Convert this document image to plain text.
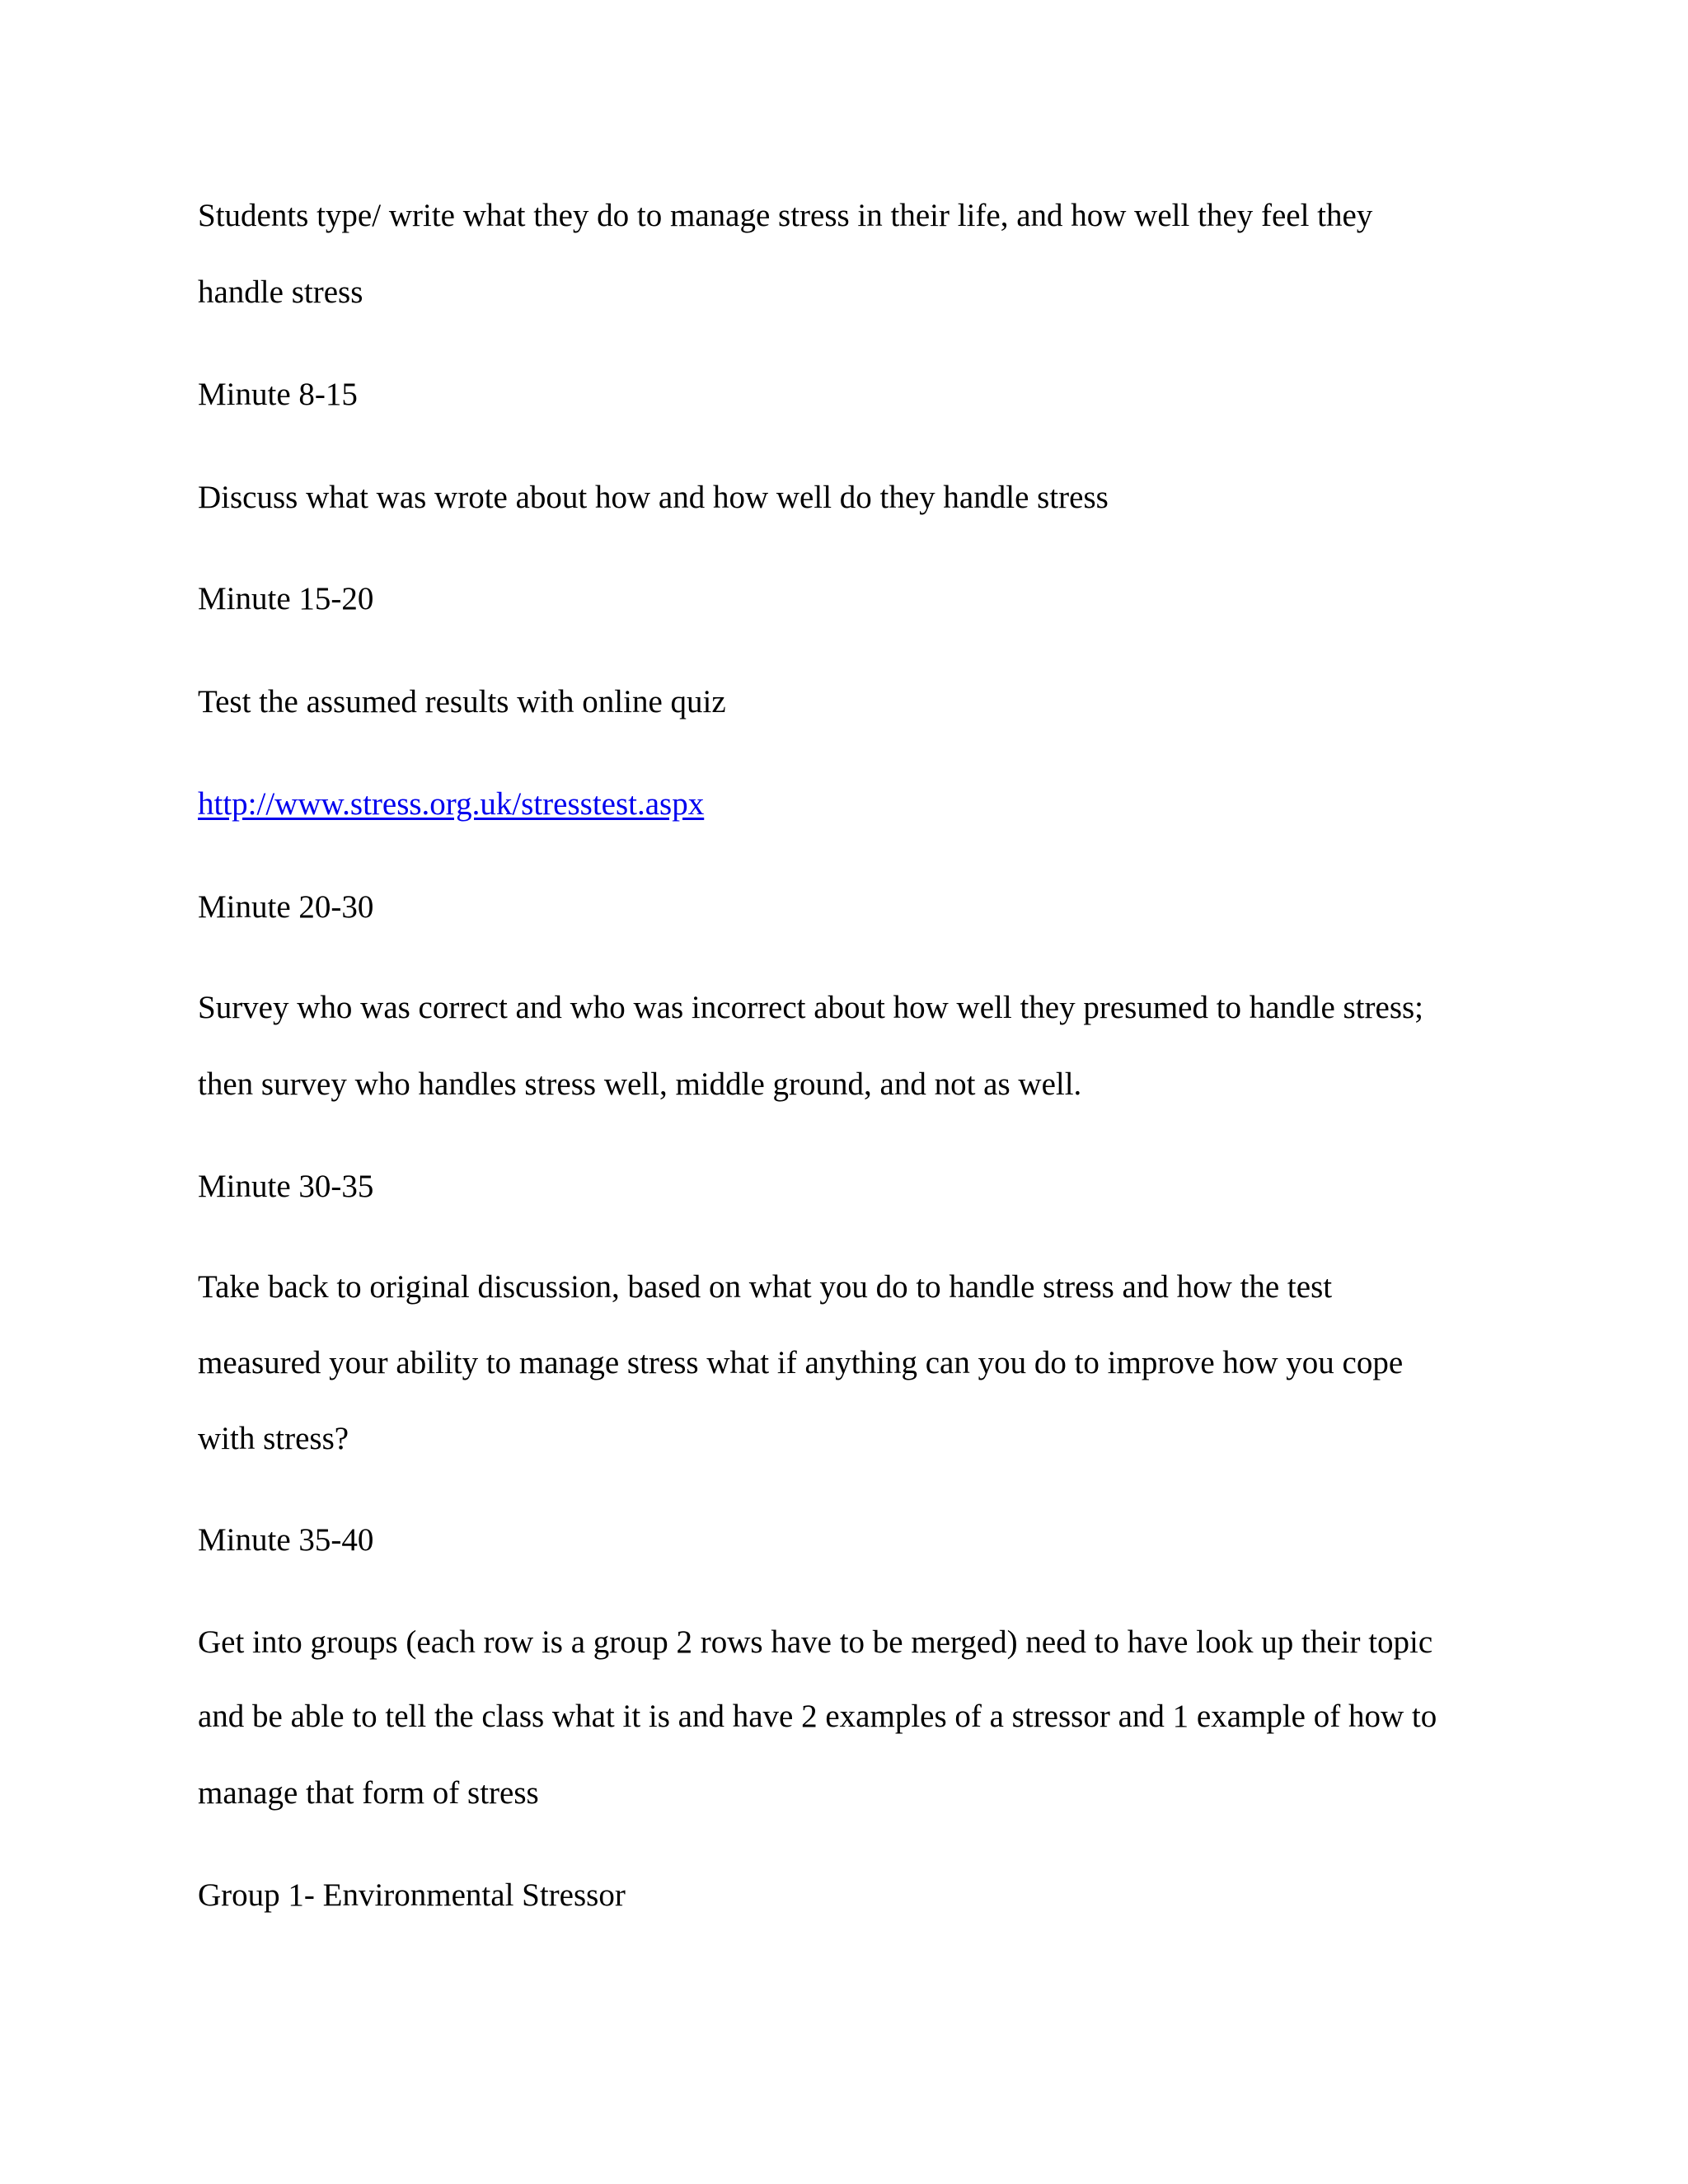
Students type/ write what they do to manage stress in their life, and how well they feel they
handle stress
Minute 8-15
Discuss what was wrote about how and how well do they handle stress
Minute 15-20
Test the assumed results with online quiz
http://www.stress.org.uk/stresstest.aspx
Minute 20-30
Survey who was correct and who was incorrect about how well they presumed to handle stress;
then survey who handles stress well, middle ground, and not as well.
Minute 30-35
Take back to original discussion, based on what you do to handle stress and how the test
measured your ability to manage stress what if anything can you do to improve how you cope
with stress?
Minute 35-40
Get into groups (each row is a group 2 rows have to be merged) need to have look up their topic
and be able to tell the class what it is and have 2 examples of a stressor and 1 example of how to
manage that form of stress
Group 1- Environmental Stressor
